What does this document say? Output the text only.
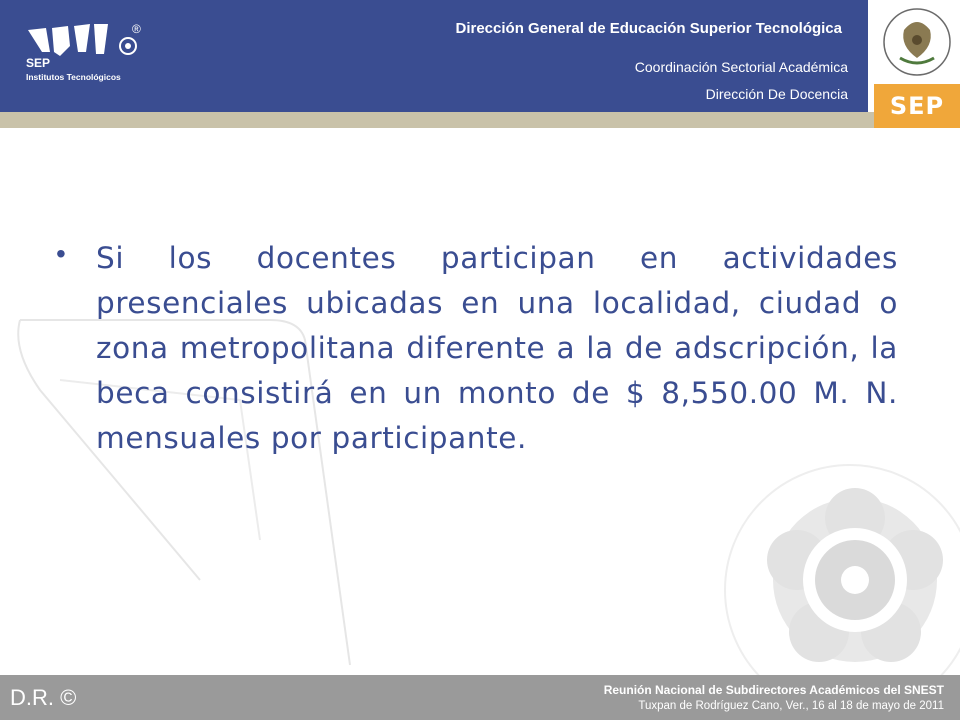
SEP
Institutos Tecnológicos
®	Dirección General de Educación Superior Tecnológica
Coordinación Sectorial Académica
Dirección De Docencia	SEP
• Si los docentes participan en actividades presenciales ubicadas en una localidad, ciudad o zona metropolitana diferente a la de adscripción, la beca consistirá en un monto de $ 8,550.00 M. N. mensuales por participante.

D.R. ©	Reunión Nacional de Subdirectores Académicos del SNEST
Tuxpan de Rodríguez Cano, Ver., 16 al 18 de mayo de 2011
